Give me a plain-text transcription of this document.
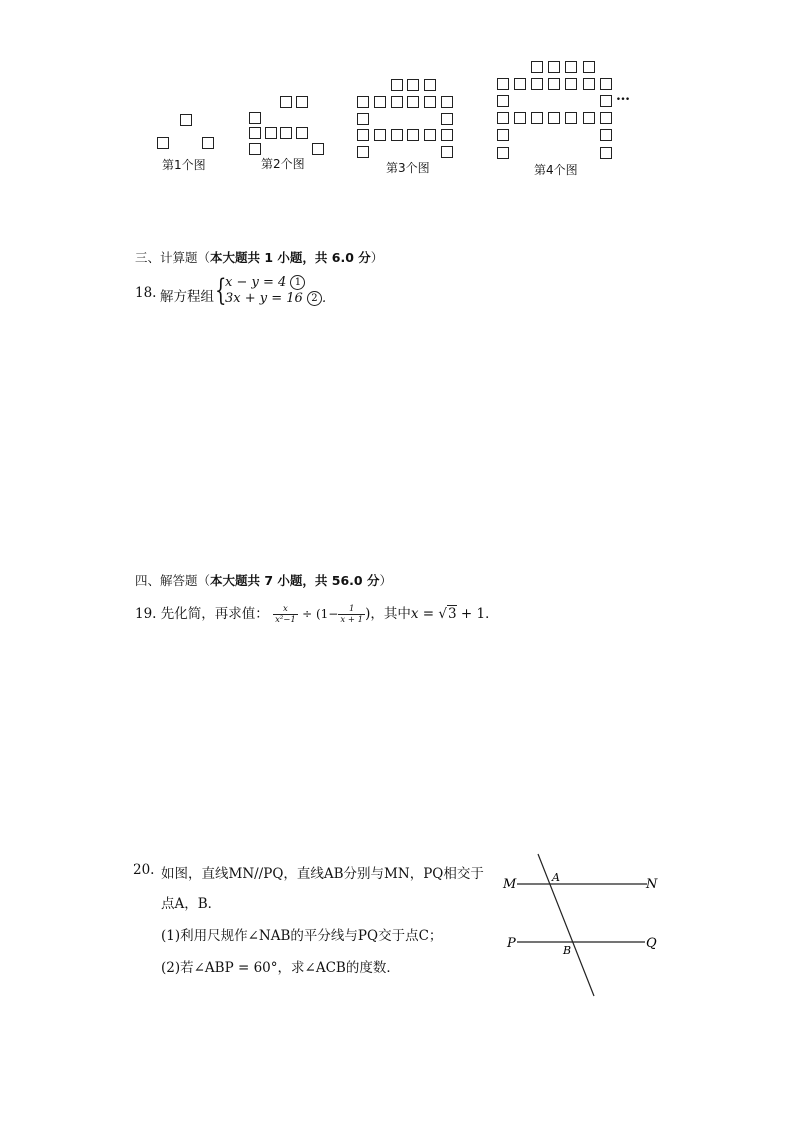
…
第1个图	第2个图	第3个图	第4个图
三、计算题（本大题共 1 小题，共 6.0 分）
18. 解方程组 {
x − y = 4 1
3x + y = 16 2 .
四、解答题（本大题共 7 小题，共 56.0 分）
19. 先化简，再求值： $\frac{x}{\text{x²−1}} \div (1- \frac{1}{x + 1}$ )，其中x = √3 + 1．
20. 如图，直线MN//PQ，直线AB分别与MN，PQ相交于
点A，B．
(1)利用尺规作∠NAB的平分线与PQ交于点C；
(2)若∠ABP = 60°，求∠ACB的度数．
M	N
P	Q
A
B
